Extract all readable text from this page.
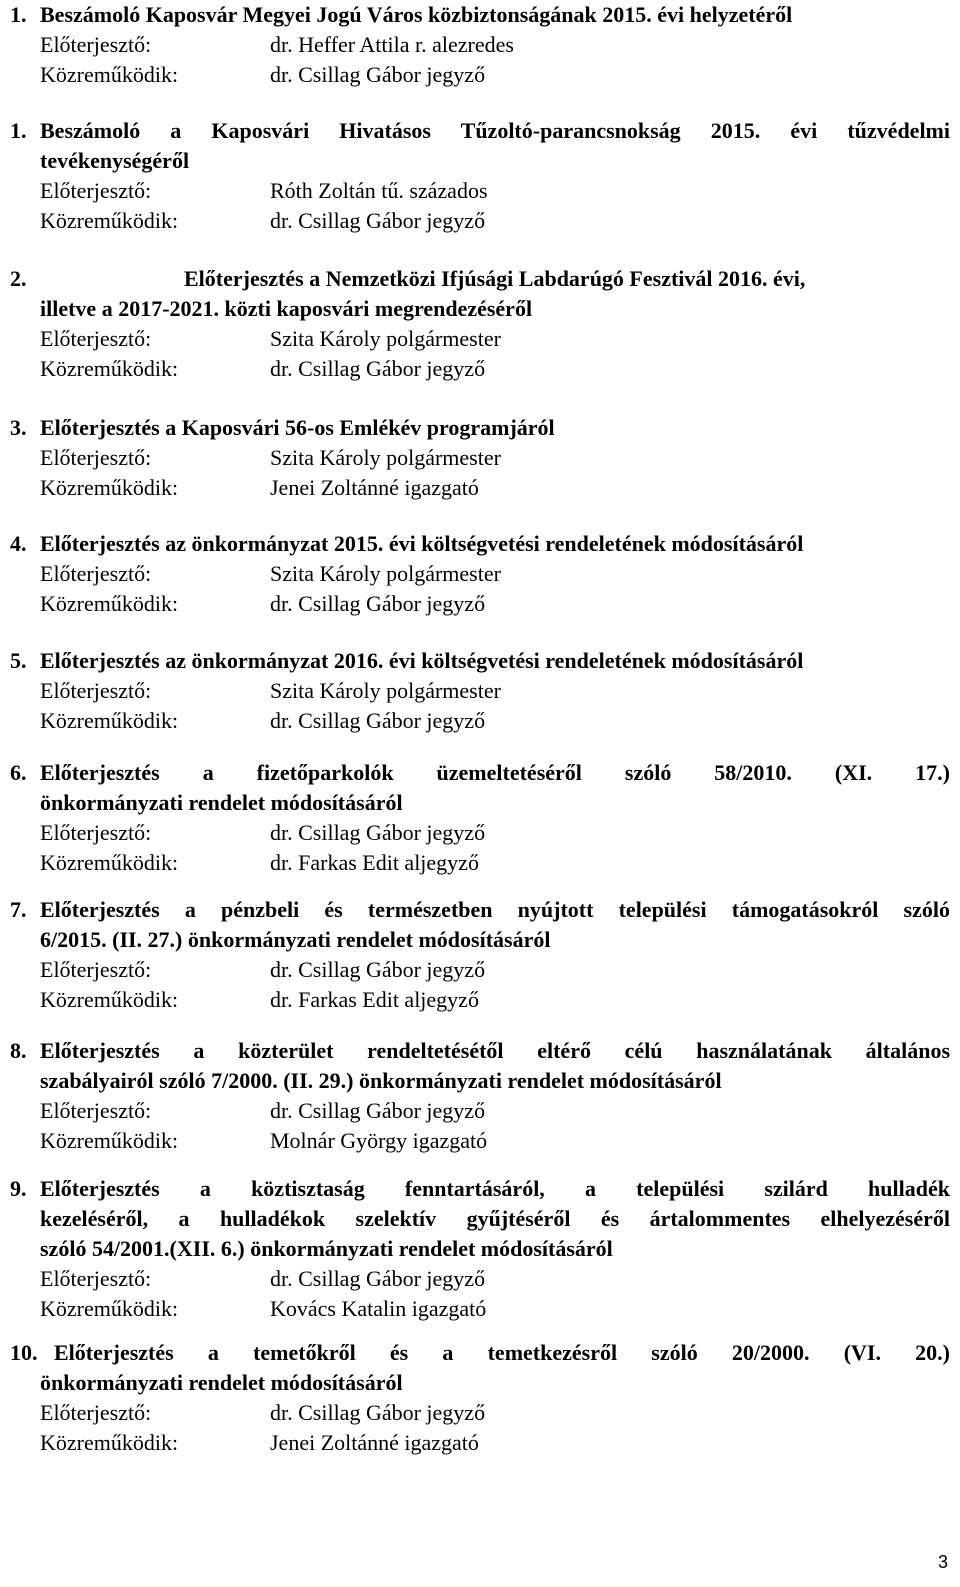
1. Beszámoló Kaposvár Megyei Jogú Város közbiztonságának 2015. évi helyzetéről
Előterjesztő:	dr. Heffer Attila r. alezredes
Közreműködik:	dr. Csillag Gábor jegyző
1. Beszámoló a Kaposvári Hivatásos Tűzoltó-parancsnokság 2015. évi tűzvédelmi
tevékenységéről
Előterjesztő:	Róth Zoltán tű. százados
Közreműködik:	dr. Csillag Gábor jegyző
2.	Előterjesztés a Nemzetközi Ifjúsági Labdarúgó Fesztivál 2016. évi,
illetve a 2017-2021. közti kaposvári megrendezéséről
Előterjesztő:	Szita Károly polgármester
Közreműködik:	dr. Csillag Gábor jegyző
3. Előterjesztés a Kaposvári 56-os Emlékév programjáról
Előterjesztő:	Szita Károly polgármester
Közreműködik:	Jenei Zoltánné igazgató
4. Előterjesztés az önkormányzat 2015. évi költségvetési rendeletének módosításáról
Előterjesztő:	Szita Károly polgármester
Közreműködik:	dr. Csillag Gábor jegyző
5. Előterjesztés az önkormányzat 2016. évi költségvetési rendeletének módosításáról
Előterjesztő:	Szita Károly polgármester
Közreműködik:	dr. Csillag Gábor jegyző
6. Előterjesztés a fizetőparkolók üzemeltetéséről szóló 58/2010. (XI. 17.)
önkormányzati rendelet módosításáról
Előterjesztő:	dr. Csillag Gábor jegyző
Közreműködik:	dr. Farkas Edit aljegyző
7. Előterjesztés a pénzbeli és természetben nyújtott települési támogatásokról szóló
6/2015. (II. 27.) önkormányzati rendelet módosításáról
Előterjesztő:	dr. Csillag Gábor jegyző
Közreműködik:	dr. Farkas Edit aljegyző
8. Előterjesztés a közterület rendeltetésétől eltérő célú használatának általános
szabályairól szóló 7/2000. (II. 29.) önkormányzati rendelet módosításáról
Előterjesztő:	dr. Csillag Gábor jegyző
Közreműködik:	Molnár György igazgató
9. Előterjesztés a köztisztaság fenntartásáról, a települési szilárd hulladék
kezeléséről, a hulladékok szelektív gyűjtéséről és ártalommentes elhelyezéséről
szóló 54/2001.(XII. 6.) önkormányzati rendelet módosításáról
Előterjesztő:	dr. Csillag Gábor jegyző
Közreműködik:	Kovács Katalin igazgató
10. Előterjesztés a temetőkről és a temetkezésről szóló 20/2000. (VI. 20.)
önkormányzati rendelet módosításáról
Előterjesztő:	dr. Csillag Gábor jegyző
Közreműködik:	Jenei Zoltánné igazgató
3
